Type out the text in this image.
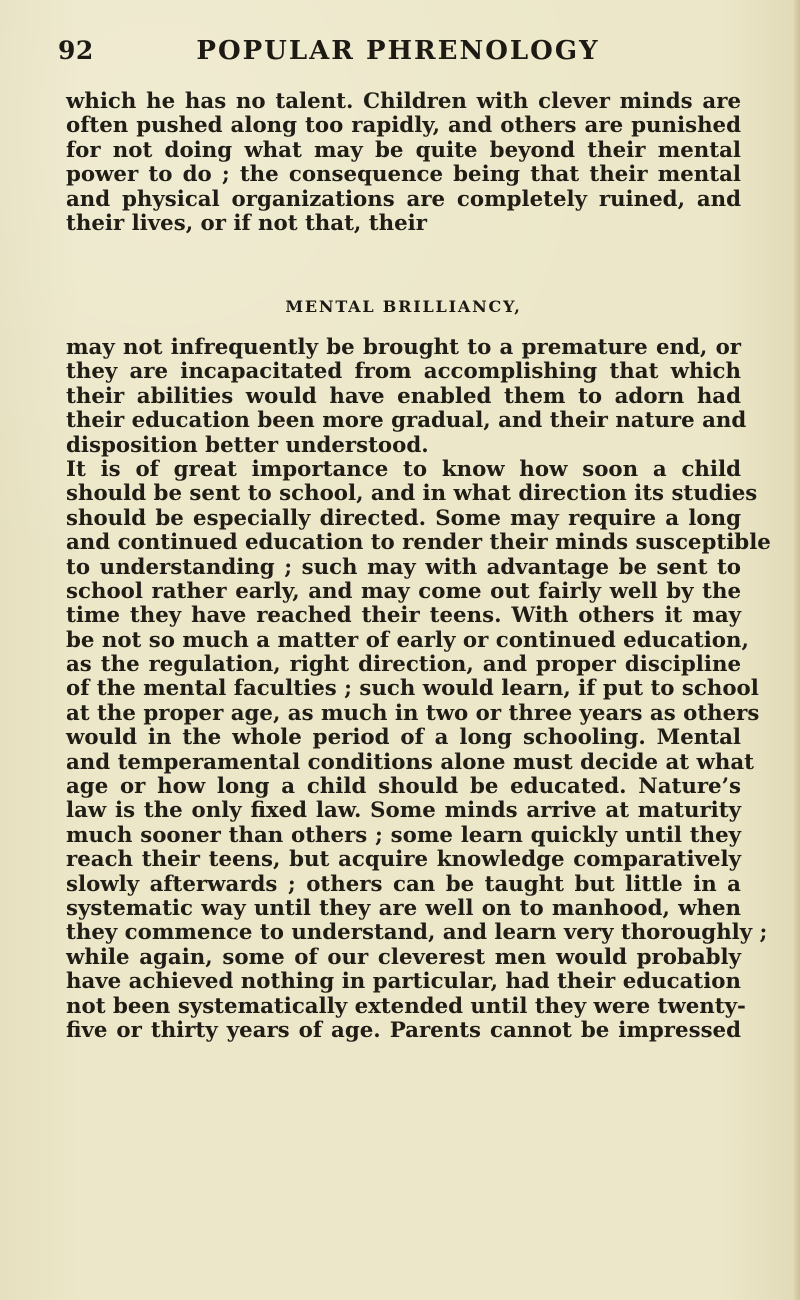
92	POPULAR PHRENOLOGY
which he has no talent. Children with clever minds are
often pushed along too rapidly, and others are punished
for not doing what may be quite beyond their mental
power to do ; the consequence being that their mental
and physical organizations are completely ruined, and
their lives, or if not that, their
MENTAL BRILLIANCY,
may not infrequently be brought to a premature end, or
they are incapacitated from accomplishing that which
their abilities would have enabled them to adorn had
their education been more gradual, and their nature and
disposition better understood.
It is of great importance to know how soon a child
should be sent to school, and in what direction its studies
should be especially directed. Some may require a long
and continued education to render their minds susceptible
to understanding ; such may with advantage be sent to
school rather early, and may come out fairly well by the
time they have reached their teens. With others it may
be not so much a matter of early or continued education,
as the regulation, right direction, and proper discipline
of the mental faculties ; such would learn, if put to school
at the proper age, as much in two or three years as others
would in the whole period of a long schooling. Mental
and temperamental conditions alone must decide at what
age or how long a child should be educated. Nature’s
law is the only fixed law. Some minds arrive at maturity
much sooner than others ; some learn quickly until they
reach their teens, but acquire knowledge comparatively
slowly afterwards ; others can be taught but little in a
systematic way until they are well on to manhood, when
they commence to understand, and learn very thoroughly ;
while again, some of our cleverest men would probably
have achieved nothing in particular, had their education
not been systematically extended until they were twenty-
five or thirty years of age. Parents cannot be impressed
